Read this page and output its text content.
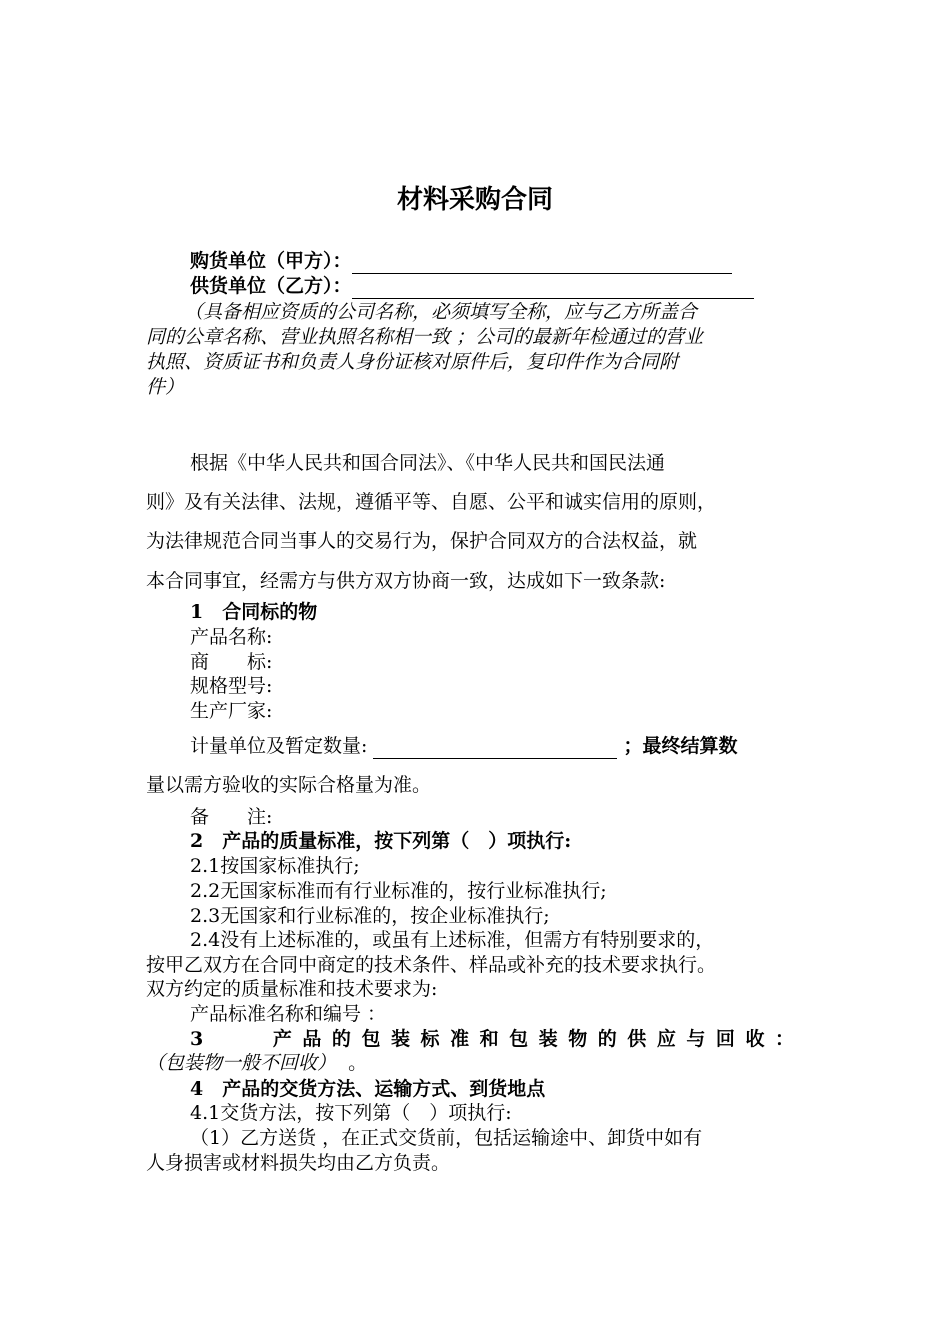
材料采购合同
购货单位（甲方）：
供货单位（乙方）：
（具备相应资质的公司名称，必须填写全称，应与乙方所盖合
同的公章名称、营业执照名称相一致 ；公司的最新年检通过的营业
执照、资质证书和负责人身份证核对原件后，复印件作为合同附
件）
根据《中华人民共和国合同法》、《中华人民共和国民法通
则》及有关法律、法规，遵循平等、自愿、公平和诚实信用的原则，
为法律规范合同当事人的交易行为，保护合同双方的合法权益，就
本合同事宜，经需方与供方双方协商一致，达成如下一致条款:
1　合同标的物
产品名称:
商　　标:
规格型号:
生产厂家:
计量单位及暂定数量:	；最终结算数
量以需方验收的实际合格量为准。
备　　注:
2　产品的质量标准，按下列第（　）项执行:
2.1按国家标准执行;
2.2无国家标准而有行业标准的，按行业标准执行;
2.3无国家和行业标准的，按企业标准执行;
2.4没有上述标准的，或虽有上述标准，但需方有特别要求的，
按甲乙双方在合同中商定的技术条件、样品或补充的技术要求执行。
双方约定的质量标准和技术要求为:
产品标准名称和编号 ：
3　　产品的包装标准和包装物的供应与回收：
（包装物一般不回收） 。
4　产品的交货方法、运输方式、到货地点
4.1交货方法，按下列第（　）项执行:
（1）乙方送货 ，在正式交货前，包括运输途中、卸货中如有
人身损害或材料损失均由乙方负责。
